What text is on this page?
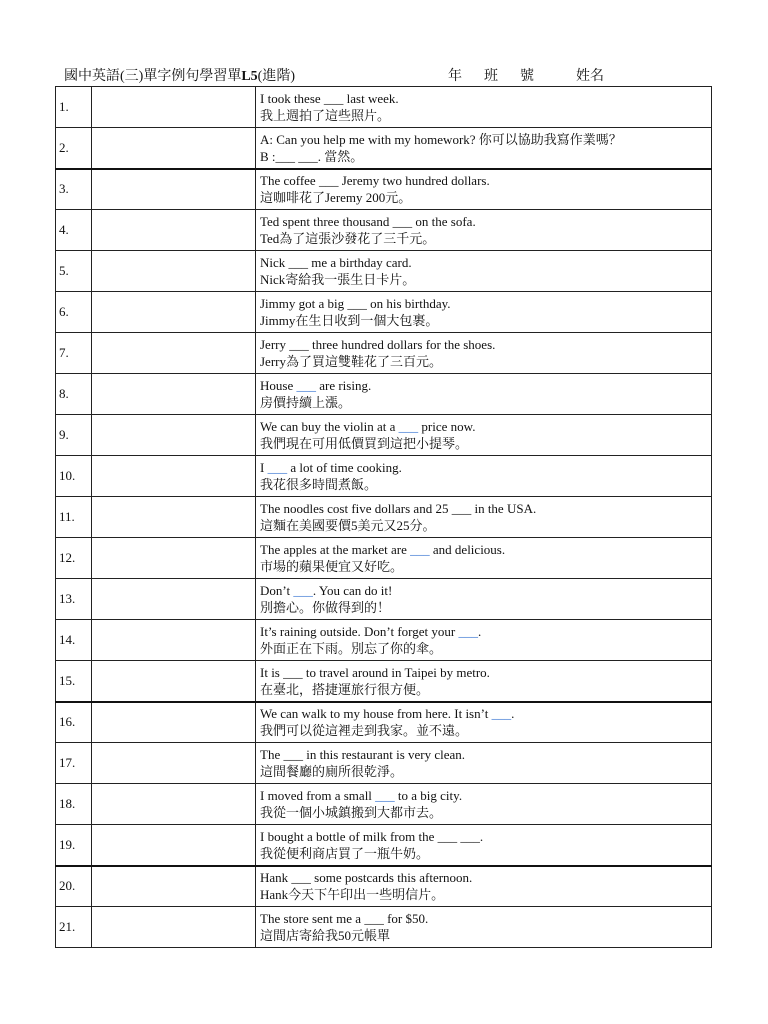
國中英語(三)單字例句學習單L5(進階)	年 班 號	姓名
1.		I took these ___ last week.
我上週拍了這些照片。

2.		A: Can you help me with my homework? 你可以協助我寫作業嗎？
B :___ ___. 當然。

3.		The coffee ___ Jeremy two hundred dollars.
這咖啡花了Jeremy 200元。

4.		Ted spent three thousand ___ on the sofa.
Ted為了這張沙發花了三千元。

5.		Nick ___ me a birthday card.
Nick寄給我一張生日卡片。

6.		Jimmy got a big ___ on his birthday.
Jimmy在生日收到一個大包裹。

7.		Jerry ___ three hundred dollars for the shoes.
Jerry為了買這雙鞋花了三百元。

8.		House ___ are rising.
房價持續上漲。

9.		We can buy the violin at a ___ price now.
我們現在可用低價買到這把小提琴。

10.		I ___ a lot of time cooking.
我花很多時間煮飯。

11.		The noodles cost five dollars and 25 ___ in the USA.
這麵在美國要價5美元又25分。

12.		The apples at the market are ___ and delicious.
市場的蘋果便宜又好吃。

13.		Don’t ___. You can do it!
別擔心。你做得到的！

14.		It’s raining outside. Don’t forget your ___.
外面正在下雨。別忘了你的傘。

15.		It is ___ to travel around in Taipei by metro.
在臺北，搭捷運旅行很方便。

16.		We can walk to my house from here. It isn’t ___.
我們可以從這裡走到我家。並不遠。

17.		The ___ in this restaurant is very clean.
這間餐廳的廁所很乾淨。

18.		I moved from a small ___ to a big city.
我從一個小城鎮搬到大都市去。

19.		I bought a bottle of milk from the ___ ___.
我從便利商店買了一瓶牛奶。

20.		Hank ___ some postcards this afternoon.
Hank今天下午印出一些明信片。

21.		The store sent me a ___ for $50.
這間店寄給我50元帳單
